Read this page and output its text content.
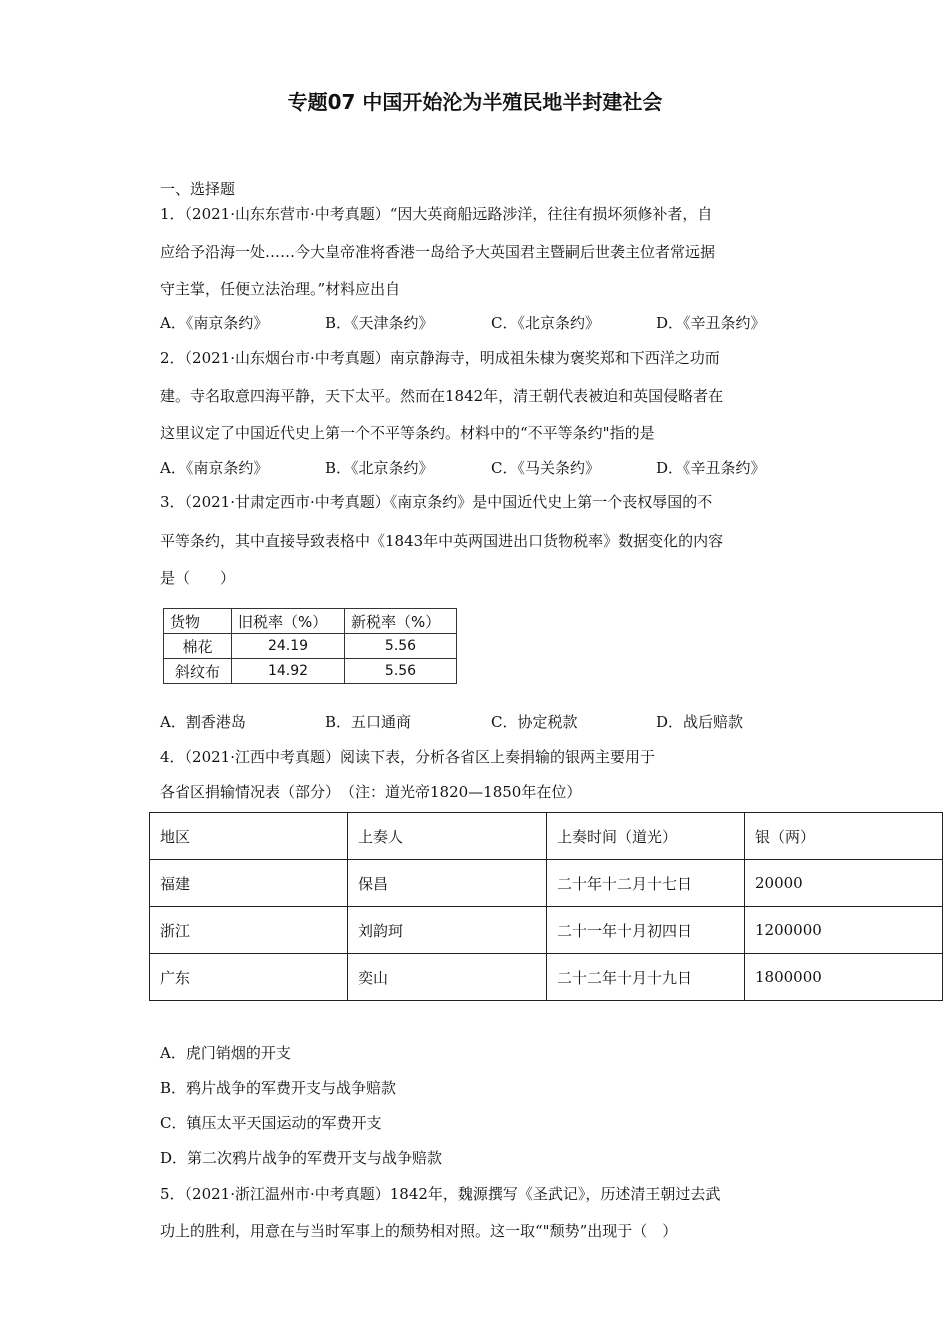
专题07 中国开始沦为半殖民地半封建社会
一、选择题
1．（2021·山东东营市·中考真题）“因大英商船远路涉洋，往往有损坏须修补者，自
应给予沿海一处……今大皇帝准将香港一岛给予大英国君主暨嗣后世袭主位者常远据
守主掌，任便立法治理。”材料应出自
A．《南京条约》	B．《天津条约》	C．《北京条约》	D．《辛丑条约》
2．（2021·山东烟台市·中考真题）南京静海寺，明成祖朱棣为褒奖郑和下西洋之功而
建。寺名取意四海平静，天下太平。然而在1842年，清王朝代表被迫和英国侵略者在
这里议定了中国近代史上第一个不平等条约。材料中的“不平等条约"指的是
A．《南京条约》	B．《北京条约》	C．《马关条约》	D．《辛丑条约》
3．（2021·甘肃定西市·中考真题）《南京条约》是中国近代史上第一个丧权辱国的不
平等条约，其中直接导致表格中《1843年中英两国进出口货物税率》数据变化的内容
是（　　）
货物	旧税率（%）	新税率（%）
棉花	24.19	5.56
斜纹布	14.92	5.56
A．割香港岛	B．五口通商	C．协定税款	D．战后赔款
4．（2021·江西中考真题）阅读下表，分析各省区上奏捐输的银两主要用于
各省区捐输情况表（部分）　（注：道光帝1820—1850年在位）
地区	上奏人	上奏时间（道光）	银（两）
福建	保昌	二十年十二月十七日	20000
浙江	刘韵珂	二十一年十月初四日	1200000
广东	奕山	二十二年十月十九日	1800000
A．虎门销烟的开支
B．鸦片战争的军费开支与战争赔款
C．镇压太平天国运动的军费开支
D．第二次鸦片战争的军费开支与战争赔款
5．（2021·浙江温州市·中考真题）1842年，魏源撰写《圣武记》，历述清王朝过去武
功上的胜利，用意在与当时军事上的颓势相对照。这一取“"颓势”出现于（　）
